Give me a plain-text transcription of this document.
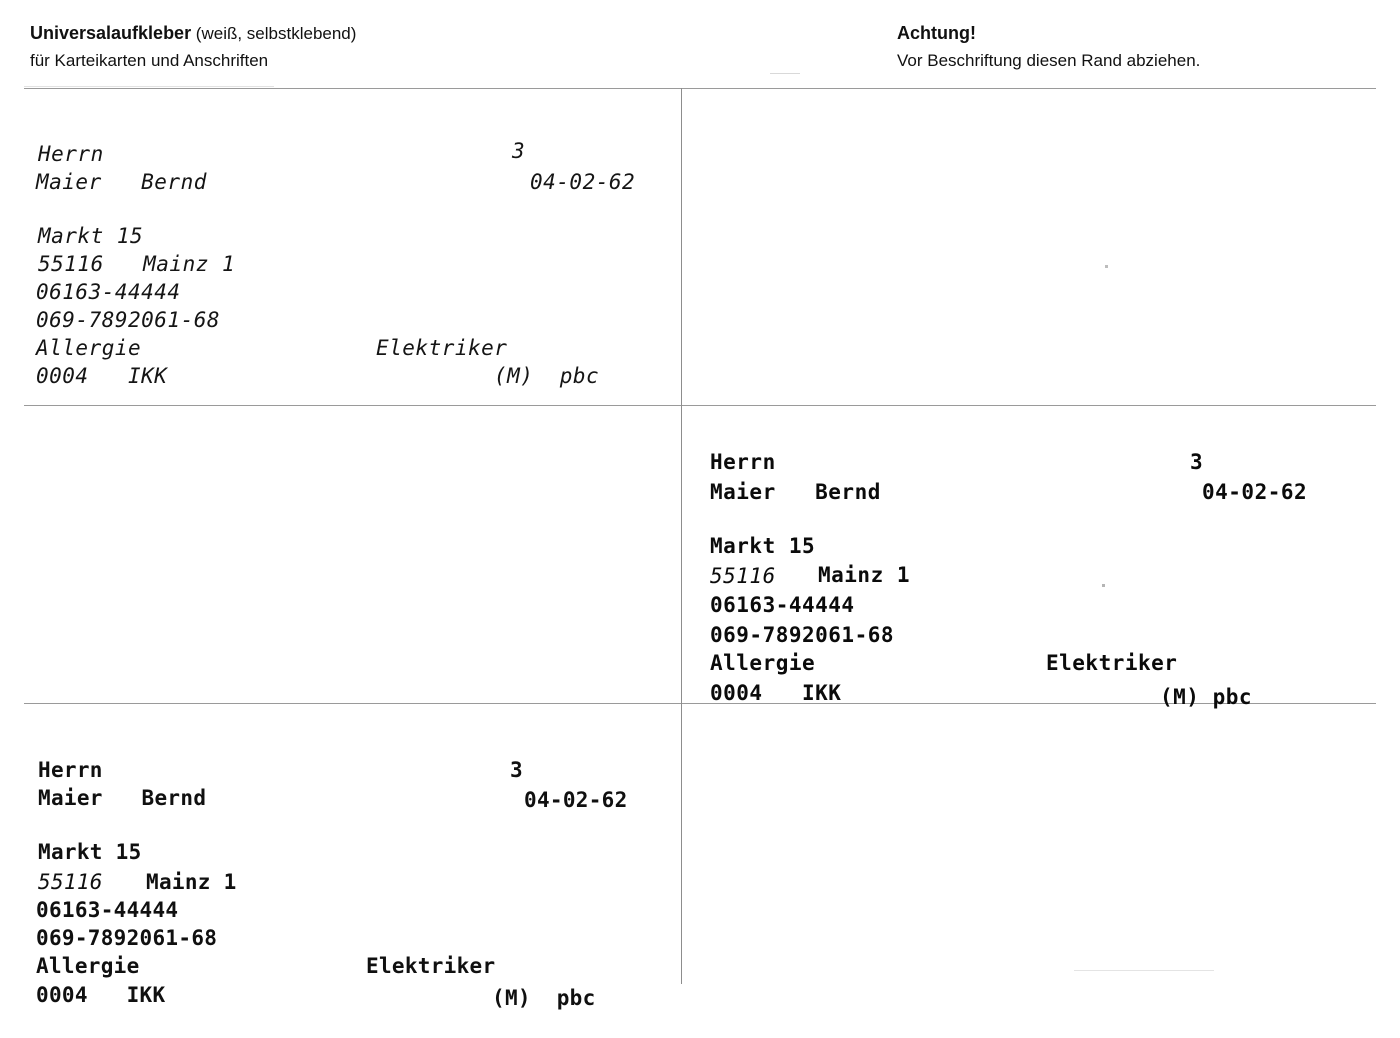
Universalaufkleber (weiß, selbstklebend)
für Karteikarten und Anschriften
Achtung!
Vor Beschriftung diesen Rand abziehen.

Herrn

	3

Maier   Bernd

	04-02-62

Markt 15

55116   Mainz 1

06163-44444

069-7892061-68

Allergie

	Elektriker

0004   IKK

	(M)  pbc

Herrn

	3

Maier   Bernd

	04-02-62

Markt 15

55116

Mainz 1

06163-44444

069-7892061-68

Allergie

	Elektriker

0004   IKK

	(M) pbc

Herrn

	3

Maier   Bernd

	04-02-62

Markt 15

55116

Mainz 1

06163-44444

069-7892061-68

Allergie

	Elektriker

0004   IKK

	(M)  pbc
